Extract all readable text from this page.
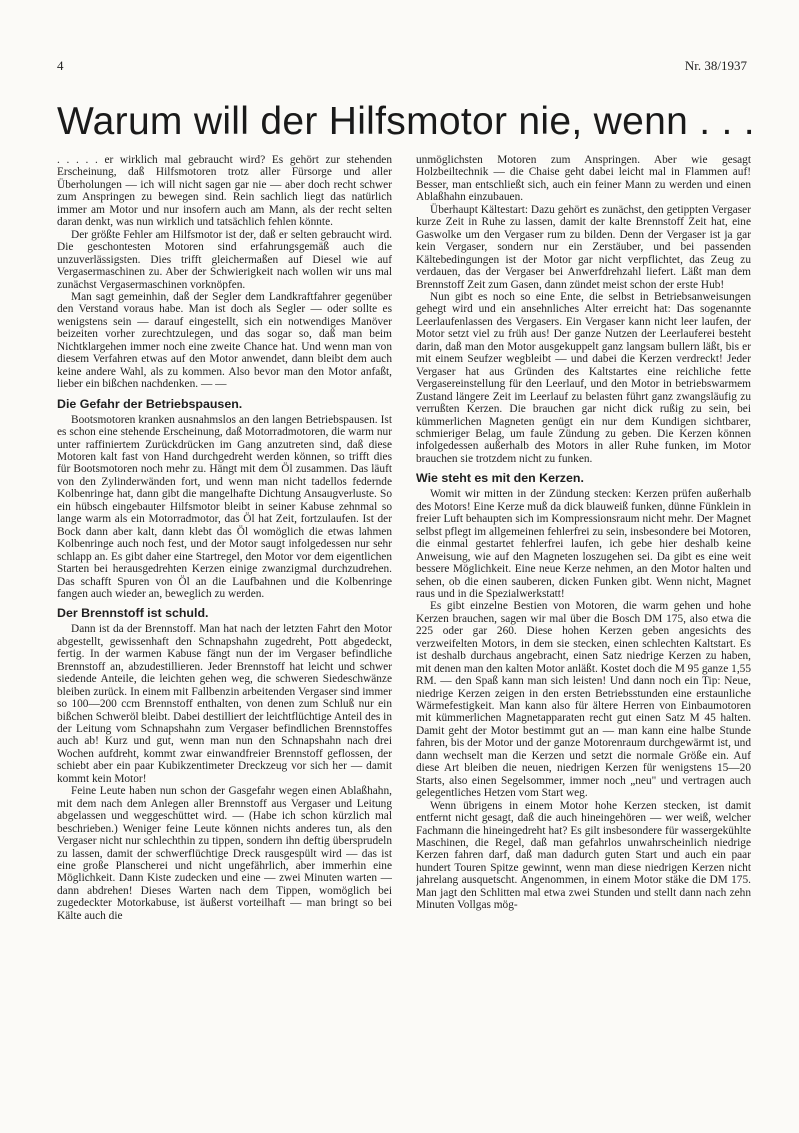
4	Nr. 38/1937
Warum will der Hilfsmotor nie, wenn . . .

. . . . . er wirklich mal gebraucht wird? Es gehört zur stehenden Erscheinung, daß Hilfsmotoren trotz aller Fürsorge und aller Überholungen — ich will nicht sagen gar nie — aber doch recht schwer zum Anspringen zu bewegen sind. Rein sachlich liegt das natürlich immer am Motor und nur insofern auch am Mann, als der recht selten daran denkt, was nun wirklich und tatsächlich fehlen könnte.

Der größte Fehler am Hilfsmotor ist der, daß er selten gebraucht wird. Die geschontesten Motoren sind erfahrungsgemäß auch die unzuverlässigsten. Dies trifft gleichermaßen auf Diesel wie auf Vergasermaschinen zu. Aber der Schwierigkeit nach wollen wir uns mal zunächst Vergasermaschinen vorknöpfen.

Man sagt gemeinhin, daß der Segler dem Landkraftfahrer gegenüber den Verstand voraus habe. Man ist doch als Segler — oder sollte es wenigstens sein — darauf eingestellt, sich ein notwendiges Manöver beizeiten vorher zurechtzulegen, und das sogar so, daß man beim Nichtklargehen immer noch eine zweite Chance hat. Und wenn man von diesem Verfahren etwas auf den Motor anwendet, dann bleibt dem auch keine andere Wahl, als zu kommen. Also bevor man den Motor anfaßt, lieber ein bißchen nachdenken. — —

Die Gefahr der Betriebspausen.

Bootsmotoren kranken ausnahmslos an den langen Betriebspausen. Ist es schon eine stehende Erscheinung, daß Motorradmotoren, die warm nur unter raffiniertem Zurückdrücken im Gang anzutreten sind, daß diese Motoren kalt fast von Hand durchgedreht werden können, so trifft dies für Bootsmotoren noch mehr zu. Hängt mit dem Öl zusammen. Das läuft von den Zylinderwänden fort, und wenn man nicht tadellos federnde Kolbenringe hat, dann gibt die mangelhafte Dichtung Ansaugverluste. So ein hübsch eingebauter Hilfsmotor bleibt in seiner Kabuse zehnmal so lange warm als ein Motorradmotor, das Öl hat Zeit, fortzulaufen. Ist der Bock dann aber kalt, dann klebt das Öl womöglich die etwas lahmen Kolbenringe auch noch fest, und der Motor saugt infolgedessen nur sehr schlapp an. Es gibt daher eine Startregel, den Motor vor dem eigentlichen Starten bei herausgedrehten Kerzen einige zwanzigmal durchzudrehen. Das schafft Spuren von Öl an die Laufbahnen und die Kolbenringe fangen auch wieder an, beweglich zu werden.

Der Brennstoff ist schuld.

Dann ist da der Brennstoff. Man hat nach der letzten Fahrt den Motor abgestellt, gewissenhaft den Schnapshahn zugedreht, Pott abgedeckt, fertig. In der warmen Kabuse fängt nun der im Vergaser befindliche Brennstoff an, abzudestillieren. Jeder Brennstoff hat leicht und schwer siedende Anteile, die leichten gehen weg, die schweren Siedeschwänze bleiben zurück. In einem mit Fallbenzin arbeitenden Vergaser sind immer so 100—200 ccm Brennstoff enthalten, von denen zum Schluß nur ein bißchen Schweröl bleibt. Dabei destilliert der leichtflüchtige Anteil des in der Leitung vom Schnapshahn zum Vergaser befindlichen Brennstoffes auch ab! Kurz und gut, wenn man nun den Schnapshahn nach drei Wochen aufdreht, kommt zwar einwandfreier Brennstoff geflossen, der schiebt aber ein paar Kubikzentimeter Dreckzeug vor sich her — damit kommt kein Motor!

Feine Leute haben nun schon der Gasgefahr wegen einen Ablaßhahn, mit dem nach dem Anlegen aller Brennstoff aus Vergaser und Leitung abgelassen und weggeschüttet wird. — (Habe ich schon kürzlich mal beschrieben.) Weniger feine Leute können nichts anderes tun, als den Vergaser nicht nur schlechthin zu tippen, sondern ihn deftig übersprudeln zu lassen, damit der schwerflüchtige Dreck rausgespült wird — das ist eine große Planscherei und nicht ungefährlich, aber immerhin eine Möglichkeit. Dann Kiste zudecken und eine — zwei Minuten warten — dann abdrehen! Dieses Warten nach dem Tippen, womöglich bei zugedeckter Motorkabuse, ist äußerst vorteilhaft — man bringt so bei Kälte auch die

unmöglichsten Motoren zum Anspringen. Aber wie gesagt Holzbeiltechnik — die Chaise geht dabei leicht mal in Flammen auf! Besser, man entschließt sich, auch ein feiner Mann zu werden und einen Ablaßhahn einzubauen.

Überhaupt Kältestart: Dazu gehört es zunächst, den getippten Vergaser kurze Zeit in Ruhe zu lassen, damit der kalte Brennstoff Zeit hat, eine Gaswolke um den Vergaser rum zu bilden. Denn der Vergaser ist ja gar kein Vergaser, sondern nur ein Zerstäuber, und bei passenden Kältebedingungen ist der Motor gar nicht verpflichtet, das Zeug zu verdauen, das der Vergaser bei Anwerfdrehzahl liefert. Läßt man dem Brennstoff Zeit zum Gasen, dann zündet meist schon der erste Hub!

Nun gibt es noch so eine Ente, die selbst in Betriebsanweisungen gehegt wird und ein ansehnliches Alter erreicht hat: Das sogenannte Leerlaufenlassen des Vergasers. Ein Vergaser kann nicht leer laufen, der Motor setzt viel zu früh aus! Der ganze Nutzen der Leerlauferei besteht darin, daß man den Motor ausgekuppelt ganz langsam bullern läßt, bis er mit einem Seufzer wegbleibt — und dabei die Kerzen verdreckt! Jeder Vergaser hat aus Gründen des Kaltstartes eine reichliche fette Vergasereinstellung für den Leerlauf, und den Motor in betriebswarmem Zustand längere Zeit im Leerlauf zu belasten führt ganz zwangsläufig zu verrußten Kerzen. Die brauchen gar nicht dick rußig zu sein, bei kümmerlichen Magneten genügt ein nur dem Kundigen sichtbarer, schmieriger Belag, um faule Zündung zu geben. Die Kerzen können infolgedessen außerhalb des Motors in aller Ruhe funken, im Motor brauchen sie trotzdem nicht zu funken.

Wie steht es mit den Kerzen.

Womit wir mitten in der Zündung stecken: Kerzen prüfen außerhalb des Motors! Eine Kerze muß da dick blauweiß funken, dünne Fünklein in freier Luft behaupten sich im Kompressionsraum nicht mehr. Der Magnet selbst pflegt im allgemeinen fehlerfrei zu sein, insbesondere bei Motoren, die einmal gestartet fehlerfrei laufen, ich gebe hier deshalb keine Anweisung, wie auf den Magneten loszugehen sei. Da gibt es eine weit bessere Möglichkeit. Eine neue Kerze nehmen, an den Motor halten und sehen, ob die einen sauberen, dicken Funken gibt. Wenn nicht, Magnet raus und in die Spezialwerkstatt!

Es gibt einzelne Bestien von Motoren, die warm gehen und hohe Kerzen brauchen, sagen wir mal über die Bosch DM 175, also etwa die 225 oder gar 260. Diese hohen Kerzen geben angesichts des verzweifelten Motors, in dem sie stecken, einen schlechten Kaltstart. Es ist deshalb durchaus angebracht, einen Satz niedrige Kerzen zu haben, mit denen man den kalten Motor anläßt. Kostet doch die M 95 ganze 1,55 RM. — den Spaß kann man sich leisten! Und dann noch ein Tip: Neue, niedrige Kerzen zeigen in den ersten Betriebsstunden eine erstaunliche Wärmefestigkeit. Man kann also für ältere Herren von Einbaumotoren mit kümmerlichen Magnetapparaten recht gut einen Satz M 45 halten. Damit geht der Motor bestimmt gut an — man kann eine halbe Stunde fahren, bis der Motor und der ganze Motorenraum durchgewärmt ist, und dann wechselt man die Kerzen und setzt die normale Größe ein. Auf diese Art bleiben die neuen, niedrigen Kerzen für wenigstens 15—20 Starts, also einen Segelsommer, immer noch „neu" und vertragen auch gelegentliches Hetzen vom Start weg.

Wenn übrigens in einem Motor hohe Kerzen stecken, ist damit entfernt nicht gesagt, daß die auch hineingehören — wer weiß, welcher Fachmann die hineingedreht hat? Es gilt insbesondere für wassergekühlte Maschinen, die Regel, daß man gefahrlos unwahrscheinlich niedrige Kerzen fahren darf, daß man dadurch guten Start und auch ein paar hundert Touren Spitze gewinnt, wenn man diese niedrigen Kerzen nicht jahrelang ausquetscht. Angenommen, in einem Motor stäke die DM 175. Man jagt den Schlitten mal etwa zwei Stunden und stellt dann nach zehn Minuten Vollgas mög-
